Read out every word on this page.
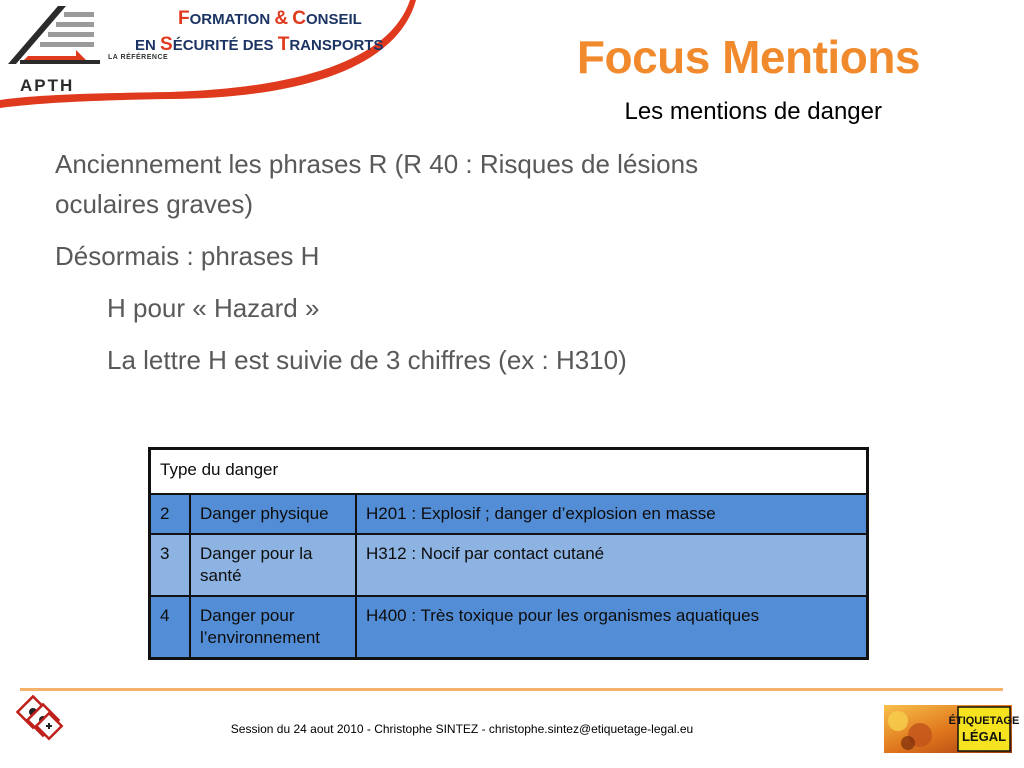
APTH
FORMATION & CONSEIL
EN SÉCURITÉ DES TRANSPORTS
LA RÉFÉRENCE	Focus Mentions
Les mentions de danger

Anciennement les phrases R (R 40 : Risques de lésions

oculaires graves)

Désormais : phrases H

H pour « Hazard »

La lettre H est suivie de 3 chiffres (ex : H310)

Type du danger		
2	Danger physique	H201 : Explosif ; danger d’explosion en masse
3	Danger pour la santé	H312 : Nocif par contact cutané
4	Danger pour l’environnement	H400 : Très toxique pour les organismes aquatiques
Session du 24 aout 2010 - Christophe SINTEZ - christophe.sintez@etiquetage-legal.eu
ÉTIQUETAGE
LÉGAL
